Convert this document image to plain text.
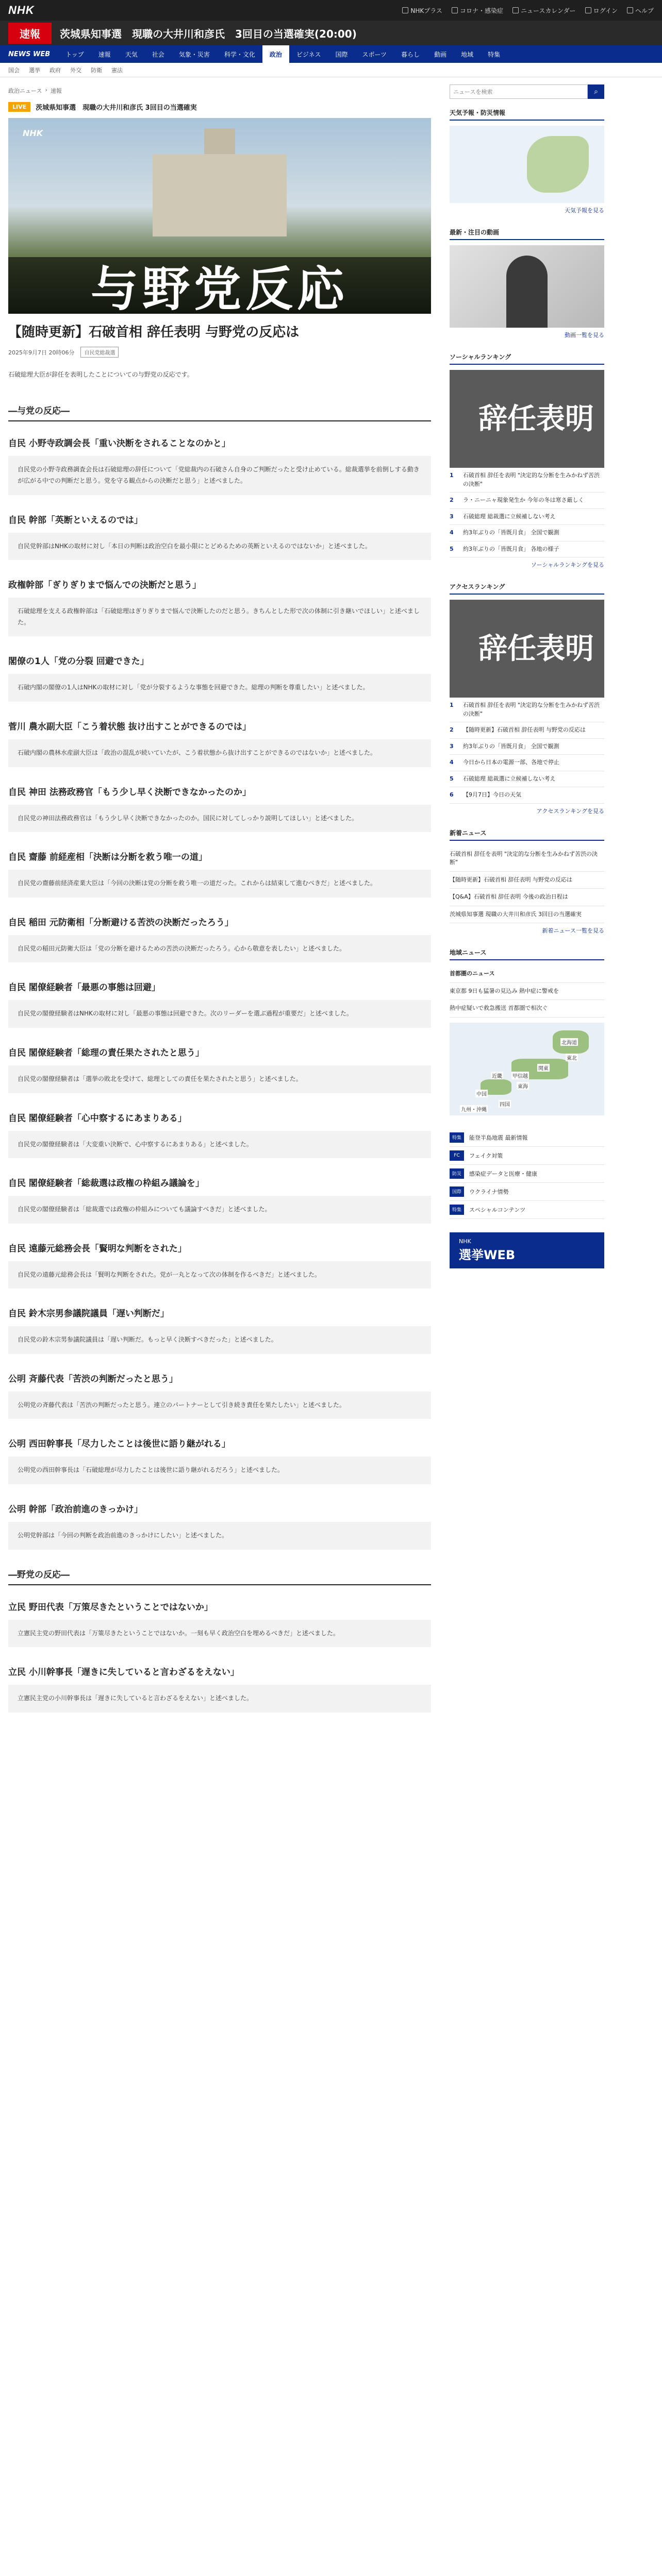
NHK	NHKプラス	コロナ・感染症	ニュースカレンダー	ログイン	ヘルプ
速報	茨城県知事選　現職の大井川和彦氏　3回目の当選確実(20:00)
NEWS WEB	トップ	速報	天気	社会	気象・災害	科学・文化	政治	ビジネス	国際	スポーツ	暮らし	動画	地域	特集
国会 選挙 政府 外交 防衛 憲法
政治ニュース › 速報
LIVE	茨城県知事選　現職の大井川和彦氏 3回目の当選確実
NHK
与野党反応
【随時更新】石破首相 辞任表明 与野党の反応は
2025年9月7日 20時06分	自民党総裁選

石破総理大臣が辞任を表明したことについての与野党の反応です。

―与党の反応―
自民 小野寺政調会長「重い決断をされることなのかと」
自民党の小野寺政務調査会長は石破総理の辞任について「党総裁内の石破さん自身のご判断だったと受け止めている。総裁選挙を前倒しする動きが広がる中での判断だと思う。党を守る観点からの決断だと思う」と述べました。
自民 幹部「英断といえるのでは」
自民党幹部はNHKの取材に対し「本日の判断は政治空白を最小限にとどめるための英断といえるのではないか」と述べました。
政権幹部「ぎりぎりまで悩んでの決断だと思う」
石破総理を支える政権幹部は「石破総理はぎりぎりまで悩んで決断したのだと思う。きちんとした形で次の体制に引き継いでほしい」と述べました。
閣僚の1人「党の分裂 回避できた」
石破内閣の閣僚の1人はNHKの取材に対し「党が分裂するような事態を回避できた。総理の判断を尊重したい」と述べました。
菅川 農水副大臣「こう着状態 抜け出すことができるのでは」
石破内閣の農林水産副大臣は「政治の混乱が続いていたが、こう着状態から抜け出すことができるのではないか」と述べました。
自民 神田 法務政務官「もう少し早く決断できなかったのか」
自民党の神田法務政務官は「もう少し早く決断できなかったのか。国民に対してしっかり説明してほしい」と述べました。
自民 齋藤 前経産相「決断は分断を救う唯一の道」
自民党の齋藤前経済産業大臣は「今回の決断は党の分断を救う唯一の道だった。これからは結束して進むべきだ」と述べました。
自民 稲田 元防衛相「分断避ける苦渋の決断だったろう」
自民党の稲田元防衛大臣は「党の分断を避けるための苦渋の決断だったろう。心から敬意を表したい」と述べました。
自民 閣僚経験者「最悪の事態は回避」
自民党の閣僚経験者はNHKの取材に対し「最悪の事態は回避できた。次のリーダーを選ぶ過程が重要だ」と述べました。
自民 閣僚経験者「総理の責任果たされたと思う」
自民党の閣僚経験者は「選挙の敗北を受けて、総理としての責任を果たされたと思う」と述べました。
自民 閣僚経験者「心中察するにあまりある」
自民党の閣僚経験者は「大変重い決断で、心中察するにあまりある」と述べました。
自民 閣僚経験者「総裁選は政権の枠組み議論を」
自民党の閣僚経験者は「総裁選では政権の枠組みについても議論すべきだ」と述べました。
自民 遠藤元総務会長「賢明な判断をされた」
自民党の遠藤元総務会長は「賢明な判断をされた。党が一丸となって次の体制を作るべきだ」と述べました。
自民 鈴木宗男参議院議員「遅い判断だ」
自民党の鈴木宗男参議院議員は「遅い判断だ。もっと早く決断すべきだった」と述べました。
公明 斉藤代表「苦渋の判断だったと思う」
公明党の斉藤代表は「苦渋の判断だったと思う。連立のパートナーとして引き続き責任を果たしたい」と述べました。
公明 西田幹事長「尽力したことは後世に語り継がれる」
公明党の西田幹事長は「石破総理が尽力したことは後世に語り継がれるだろう」と述べました。
公明 幹部「政治前進のきっかけ」
公明党幹部は「今回の判断を政治前進のきっかけにしたい」と述べました。
―野党の反応―
立民 野田代表「万策尽きたということではないか」
立憲民主党の野田代表は「万策尽きたということではないか。一刻も早く政治空白を埋めるべきだ」と述べました。
立民 小川幹事長「遅きに失していると言わざるをえない」
立憲民主党の小川幹事長は「遅きに失していると言わざるをえない」と述べました。
ニュースを検索
⌕
天気予報・防災情報
天気予報を見る
最新・注目の動画
動画一覧を見る
ソーシャルランキング
辞任表明
1	石破首相 辞任を表明 "決定的な分断を生みかねず苦渋の決断"
2	ラ・ニーニャ現象発生か 今年の冬は寒さ厳しく
3	石破総理 総裁選に立候補しない考え
4	約3年ぶりの「皆既月食」 全国で観測
5	約3年ぶりの「皆既月食」 各地の様子
ソーシャルランキングを見る
アクセスランキング
辞任表明
1	石破首相 辞任を表明 "決定的な分断を生みかねず苦渋の決断"
2	【随時更新】石破首相 辞任表明 与野党の反応は
3	約3年ぶりの「皆既月食」 全国で観測
4	今日から日本の電源一部、各地で停止
5	石破総理 総裁選に立候補しない考え
6	【9月7日】今日の天気
アクセスランキングを見る
新着ニュース
石破首相 辞任を表明 "決定的な分断を生みかねず苦渋の決断"
【随時更新】石破首相 辞任表明 与野党の反応は
【Q&A】石破首相 辞任表明 今後の政治日程は
茨城県知事選 現職の大井川和彦氏 3回目の当選確実
新着ニュース一覧を見る
地域ニュース
首都圏のニュース
東京都 9日も猛暑の見込み 熱中症に警戒を
熱中症疑いで救急搬送 首都圏で相次ぐ
北海道
東北
関東
甲信越
東海
近畿
中国
四国
九州・沖縄
特集	能登半島地震 最新情報
FC	フェイク対策
防災	感染症データと医療・健康
国際	ウクライナ情勢
特集	スペシャルコンテンツ
NHK
選挙WEB
